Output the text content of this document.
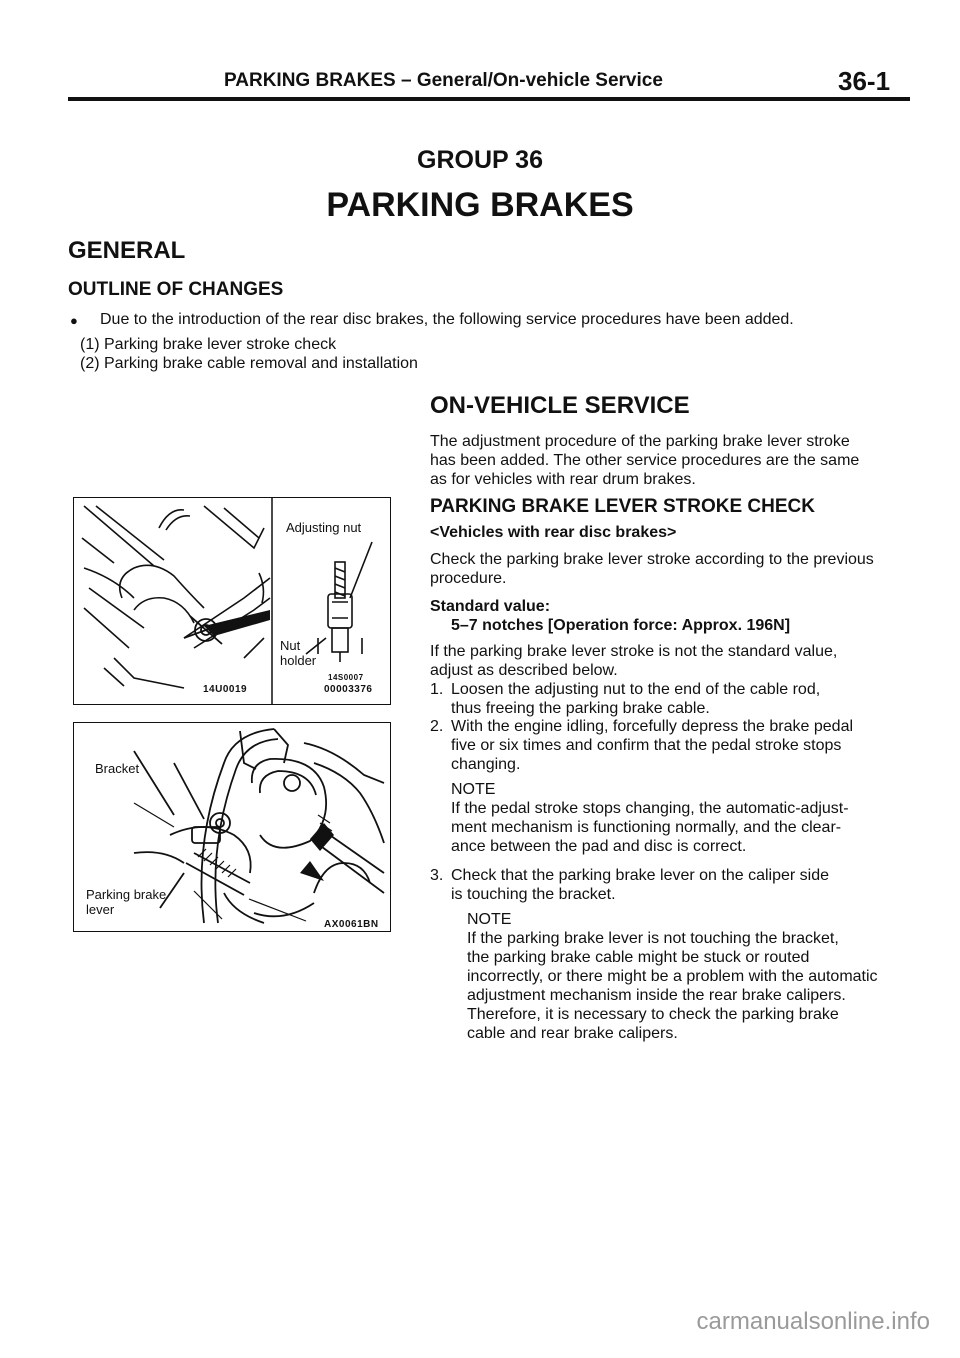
PARKING BRAKES – General/On-vehicle Service	36-1
GROUP 36
PARKING BRAKES
GENERAL
OUTLINE OF CHANGES
● Due to the introduction of the rear disc brakes, the following service procedures have been added.
(1) Parking brake lever stroke check
(2) Parking brake cable removal and installation
Adjusting nut
Nut
holder
14U0019
14S0007
00003376
Bracket
Parking brake
lever
AX0061BN
ON-VEHICLE SERVICE
The adjustment procedure of the parking brake lever stroke
has been added. The other service procedures are the same
as for vehicles with rear drum brakes.
PARKING BRAKE LEVER STROKE CHECK
<Vehicles with rear disc brakes>
Check the parking brake lever stroke according to the previous
procedure.
Standard value:
5–7 notches [Operation force: Approx. 196N]
If the parking brake lever stroke is not the standard value,
adjust as described below.
1. Loosen the adjusting nut to the end of the cable rod,
thus freeing the parking brake cable.
2. With the engine idling, forcefully depress the brake pedal
five or six times and confirm that the pedal stroke stops
changing.
NOTE
If the pedal stroke stops changing, the automatic-adjust-
ment mechanism is functioning normally, and the clear-
ance between the pad and disc is correct.
3. Check that the parking brake lever on the caliper side
is touching the bracket.
NOTE
If the parking brake lever is not touching the bracket,
the parking brake cable might be stuck or routed
incorrectly, or there might be a problem with the automatic
adjustment mechanism inside the rear brake calipers.
Therefore, it is necessary to check the parking brake
cable and rear brake calipers.
carmanualsonline.info
